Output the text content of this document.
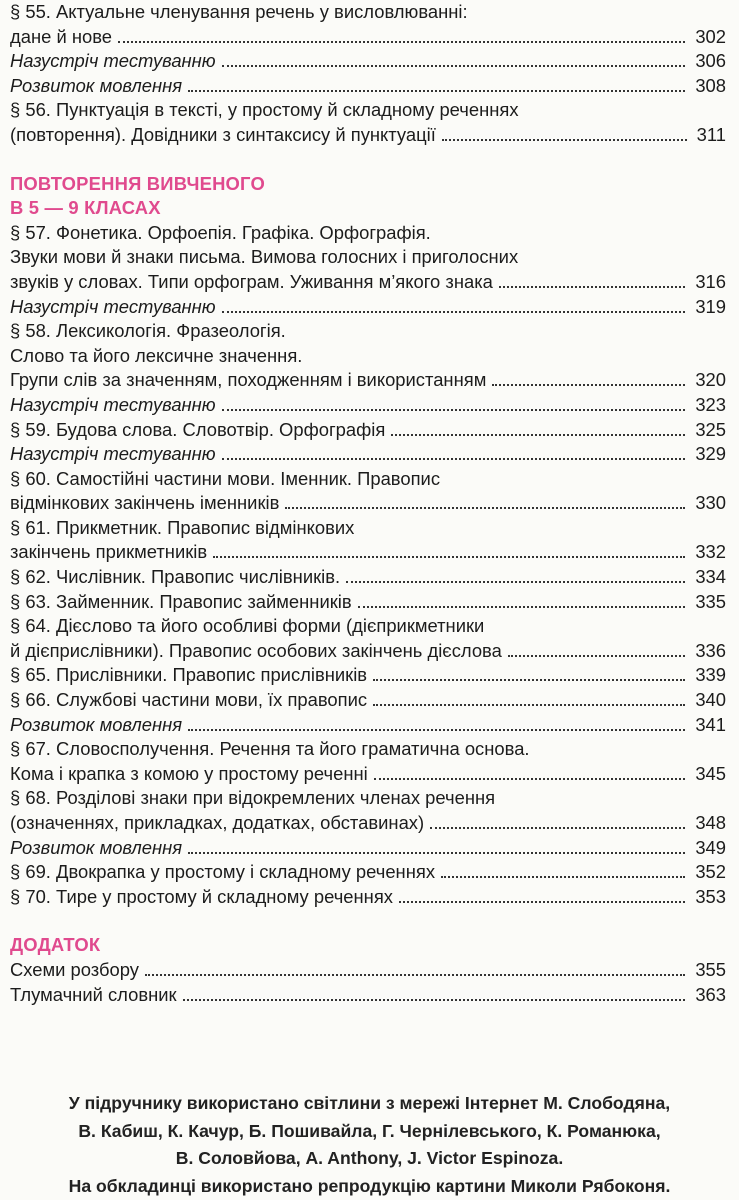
§ 55. Актуальне членування речень у висловлюванні:
дане й нове	302
Назустріч тестуванню	306
Розвиток мовлення	308
§ 56. Пунктуація в тексті, у простому й складному реченнях
(повторення). Довідники з синтаксису й пунктуації	311
ПОВТОРЕННЯ ВИВЧЕНОГО
В 5 — 9 КЛАСАХ
§ 57. Фонетика. Орфоепія. Графіка. Орфографія.
Звуки мови й знаки письма. Вимова голосних і приголосних
звуків у словах. Типи орфограм. Уживання м’якого знака	316
Назустріч тестуванню	319
§ 58. Лексикологія. Фразеологія.
Слово та його лексичне значення.
Групи слів за значенням, походженням і використанням	320
Назустріч тестуванню	323
§ 59. Будова слова. Словотвір. Орфографія	325
Назустріч тестуванню	329
§ 60. Самостійні частини мови. Іменник. Правопис
відмінкових закінчень іменників	330
§ 61. Прикметник. Правопис відмінкових
закінчень прикметників	332
§ 62. Числівник. Правопис числівників.	334
§ 63. Займенник. Правопис займенників	335
§ 64. Дієслово та його особливі форми (дієприкметники
й дієприслівники). Правопис особових закінчень дієслова	336
§ 65. Прислівники. Правопис прислівників	339
§ 66. Службові частини мови, їх правопис	340
Розвиток мовлення	341
§ 67. Словосполучення. Речення та його граматична основа.
Кома і крапка з комою у простому реченні	345
§ 68. Розділові знаки при відокремлених членах речення
(означеннях, прикладках, додатках, обставинах)	348
Розвиток мовлення	349
§ 69. Двокрапка у простому і складному реченнях	352
§ 70. Тире у простому й складному реченнях	353
ДОДАТОК
Схеми розбору	355
Тлумачний словник	363
У підручнику використано світлини з мережі Інтернет М. Слободяна,
В. Кабиш, К. Качур, Б. Пошивайла, Г. Чернілевського, К. Романюка,
В. Соловйова, A. Anthony, J. Victor Espinoza.
На обкладинці використано репродукцію картини Миколи Рябоконя.
